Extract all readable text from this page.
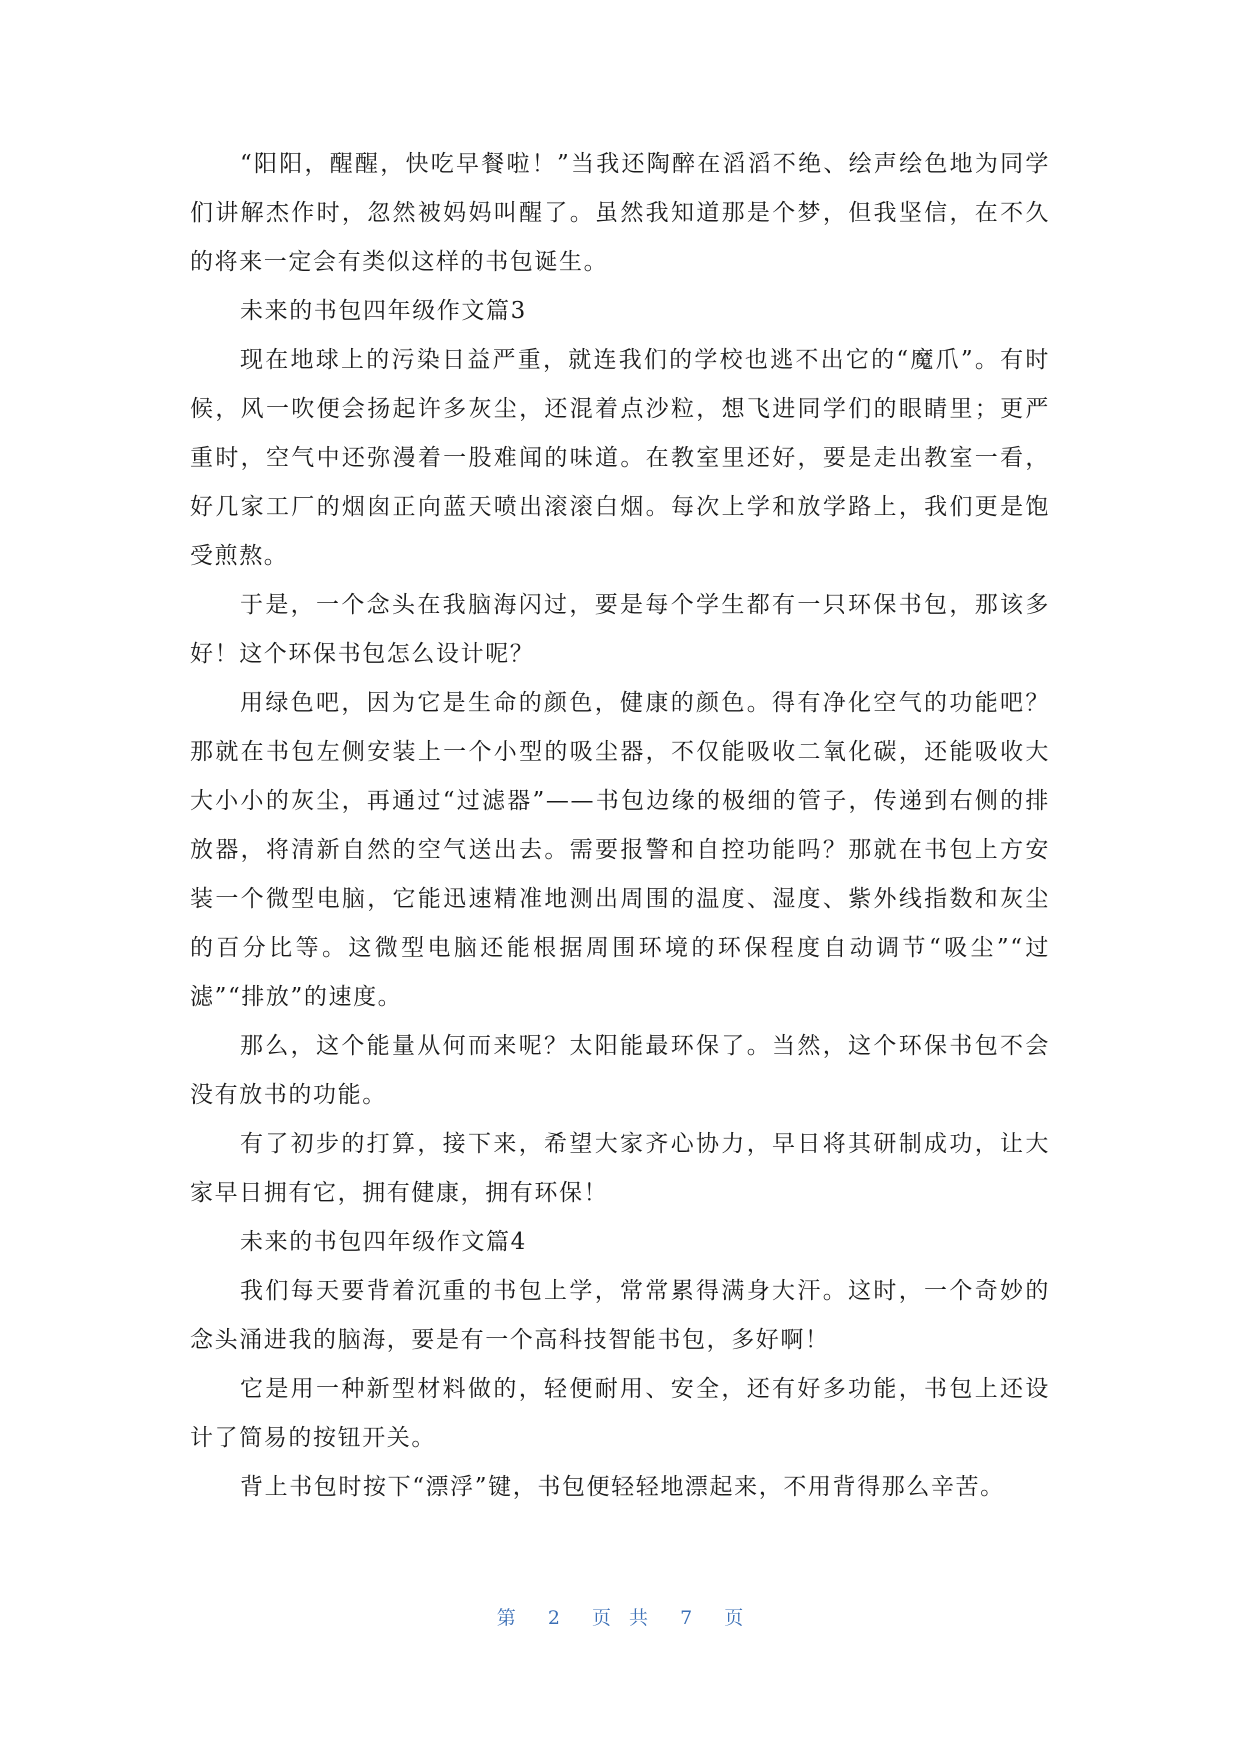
“阳阳，醒醒，快吃早餐啦！”当我还陶醉在滔滔不绝、绘声绘色地为同学们讲解杰作时，忽然被妈妈叫醒了。虽然我知道那是个梦，但我坚信，在不久的将来一定会有类似这样的书包诞生。

未来的书包四年级作文篇3

现在地球上的污染日益严重，就连我们的学校也逃不出它的“魔爪”。有时候，风一吹便会扬起许多灰尘，还混着点沙粒，想飞进同学们的眼睛里；更严重时，空气中还弥漫着一股难闻的味道。在教室里还好，要是走出教室一看，好几家工厂的烟囱正向蓝天喷出滚滚白烟。每次上学和放学路上，我们更是饱受煎熬。

于是，一个念头在我脑海闪过，要是每个学生都有一只环保书包，那该多好！这个环保书包怎么设计呢？

用绿色吧，因为它是生命的颜色，健康的颜色。得有净化空气的功能吧？那就在书包左侧安装上一个小型的吸尘器，不仅能吸收二氧化碳，还能吸收大大小小的灰尘，再通过“过滤器”——书包边缘的极细的管子，传递到右侧的排放器，将清新自然的空气送出去。需要报警和自控功能吗？那就在书包上方安装一个微型电脑，它能迅速精准地测出周围的温度、湿度、紫外线指数和灰尘的百分比等。这微型电脑还能根据周围环境的环保程度自动调节“吸尘”“过滤”“排放”的速度。

那么，这个能量从何而来呢？太阳能最环保了。当然，这个环保书包不会没有放书的功能。

有了初步的打算，接下来，希望大家齐心协力，早日将其研制成功，让大家早日拥有它，拥有健康，拥有环保！

未来的书包四年级作文篇4

我们每天要背着沉重的书包上学，常常累得满身大汗。这时，一个奇妙的念头涌进我的脑海，要是有一个高科技智能书包，多好啊！

它是用一种新型材料做的，轻便耐用、安全，还有好多功能，书包上还设计了简易的按钮开关。

背上书包时按下“漂浮”键，书包便轻轻地漂起来，不用背得那么辛苦。

第 2 页 共 7 页
